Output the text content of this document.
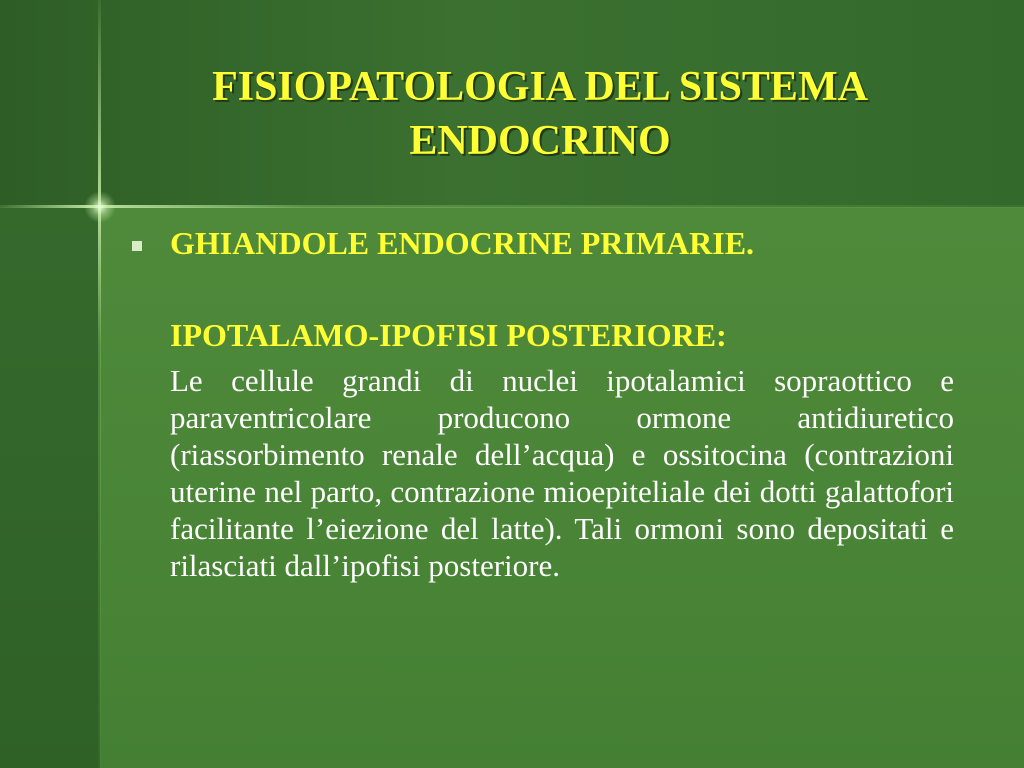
FISIOPATOLOGIA DEL SISTEMA ENDOCRINO
GHIANDOLE ENDOCRINE PRIMARIE.
IPOTALAMO-IPOFISI POSTERIORE:
Le cellule grandi di nuclei ipotalamici sopraottico e paraventricolare producono ormone antidiuretico (riassorbimento renale dell’acqua) e ossitocina (contrazioni uterine nel parto, contrazione mioepiteliale dei dotti galattofori facilitante l’eiezione del latte). Tali ormoni sono depositati e rilasciati dall’ipofisi posteriore.
